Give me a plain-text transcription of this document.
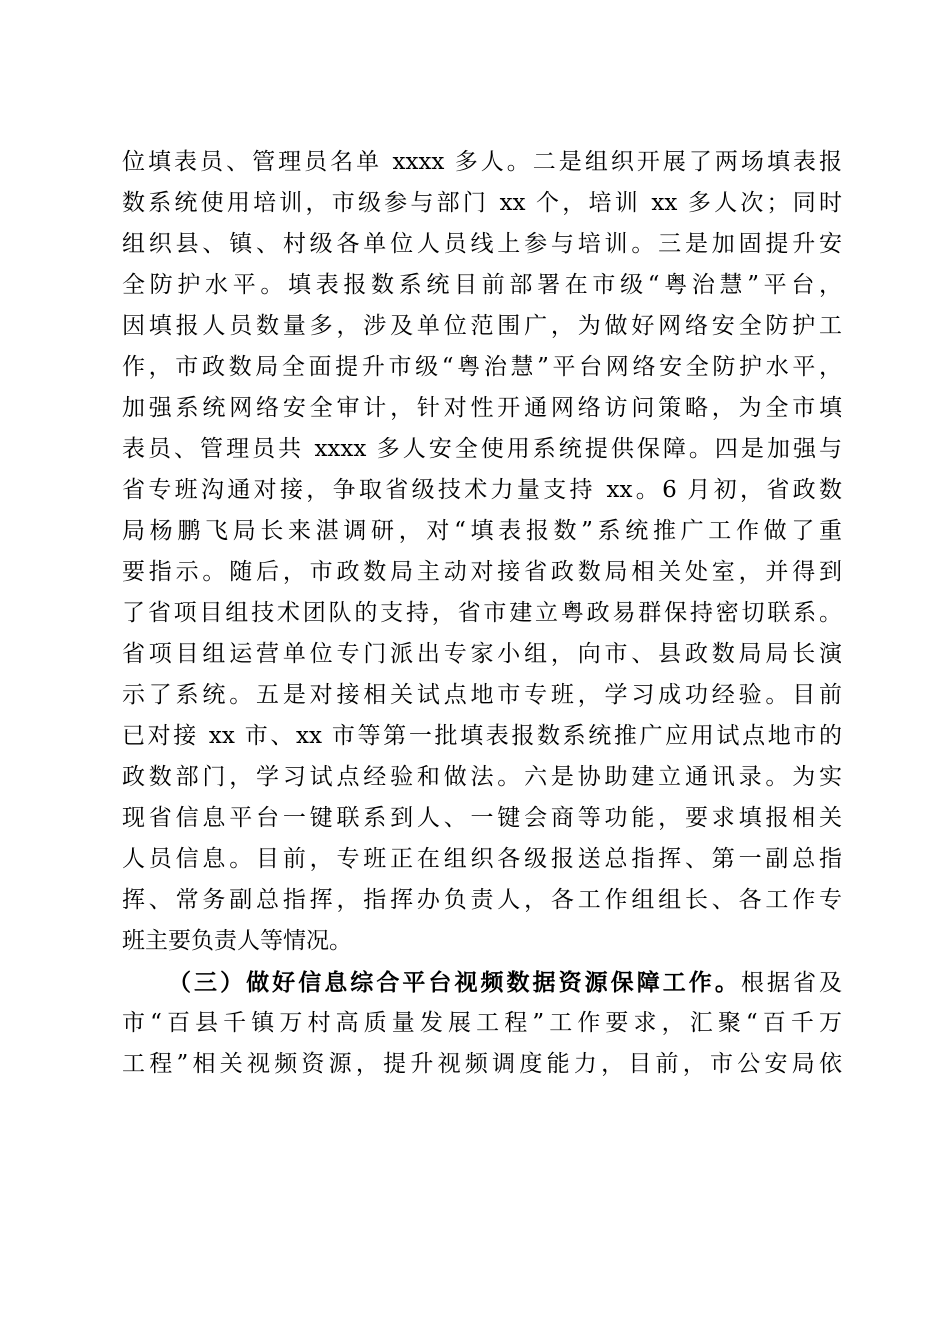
位填表员、管理员名单 xxxx 多人。二是组织开展了两场填表报
数系统使用培训，市级参与部门 xx 个，培训 xx 多人次；同时
组织县、镇、村级各单位人员线上参与培训。三是加固提升安
全防护水平。填表报数系统目前部署在市级“粤治慧”平台，
因填报人员数量多，涉及单位范围广，为做好网络安全防护工
作，市政数局全面提升市级“粤治慧”平台网络安全防护水平，
加强系统网络安全审计，针对性开通网络访问策略，为全市填
表员、管理员共 xxxx 多人安全使用系统提供保障。四是加强与
省专班沟通对接，争取省级技术力量支持 xx。6 月初，省政数
局杨鹏飞局长来湛调研，对“填表报数”系统推广工作做了重
要指示。随后，市政数局主动对接省政数局相关处室，并得到
了省项目组技术团队的支持，省市建立粤政易群保持密切联系。
省项目组运营单位专门派出专家小组，向市、县政数局局长演
示了系统。五是对接相关试点地市专班，学习成功经验。目前
已对接 xx 市、xx 市等第一批填表报数系统推广应用试点地市的
政数部门，学习试点经验和做法。六是协助建立通讯录。为实
现省信息平台一键联系到人、一键会商等功能，要求填报相关
人员信息。目前，专班正在组织各级报送总指挥、第一副总指
挥、常务副总指挥，指挥办负责人，各工作组组长、各工作专
班主要负责人等情况。
（三）做好信息综合平台视频数据资源保障工作。根据省及
市“百县千镇万村高质量发展工程”工作要求，汇聚“百千万
工程”相关视频资源，提升视频调度能力，目前，市公安局依
